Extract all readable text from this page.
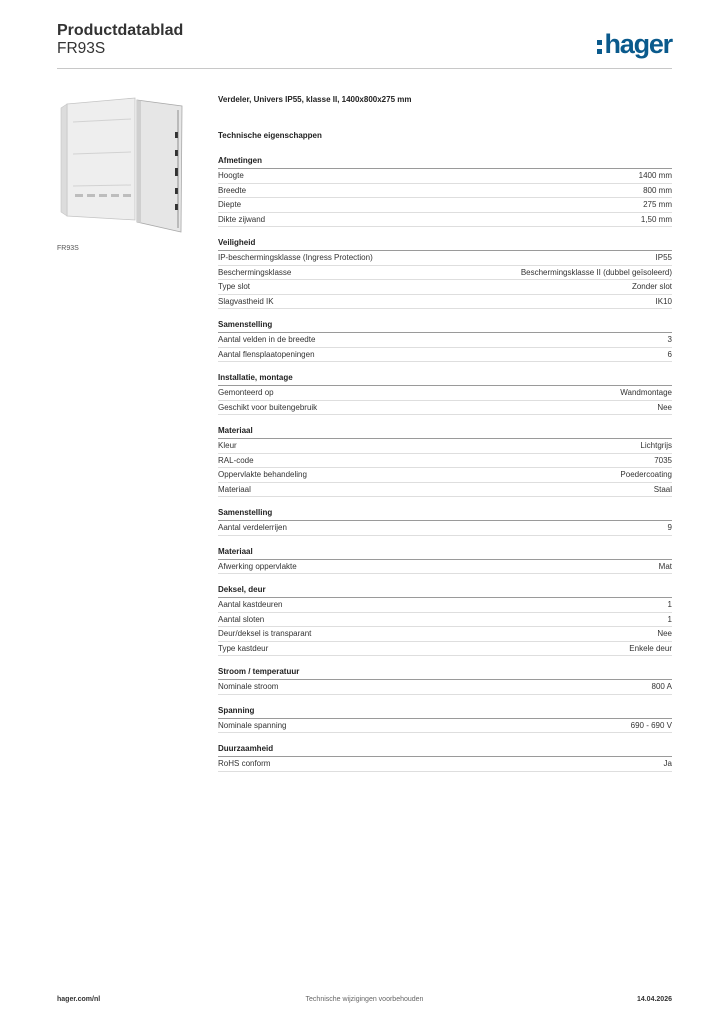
Productdatablad
FR93S	hager
FR93S
Verdeler, Univers IP55, klasse II, 1400x800x275 mm
Technische eigenschappen
Afmetingen
Hoogte	1400 mm
Breedte	800 mm
Diepte	275 mm
Dikte zijwand	1,50 mm
Veiligheid
IP-beschermingsklasse (Ingress Protection)	IP55
Beschermingsklasse	Beschermingsklasse II (dubbel geïsoleerd)
Type slot	Zonder slot
Slagvastheid IK	IK10
Samenstelling
Aantal velden in de breedte	3
Aantal flensplaatopeningen	6
Installatie, montage
Gemonteerd op	Wandmontage
Geschikt voor buitengebruik	Nee
Materiaal
Kleur	Lichtgrijs
RAL-code	7035
Oppervlakte behandeling	Poedercoating
Materiaal	Staal
Samenstelling
Aantal verdelerrijen	9
Materiaal
Afwerking oppervlakte	Mat
Deksel, deur
Aantal kastdeuren	1
Aantal sloten	1
Deur/deksel is transparant	Nee
Type kastdeur	Enkele deur
Stroom / temperatuur
Nominale stroom	800 A
Spanning
Nominale spanning	690 - 690 V
Duurzaamheid
RoHS conform	Ja
hager.com/nl	Technische wijzigingen voorbehouden	14.04.2026
